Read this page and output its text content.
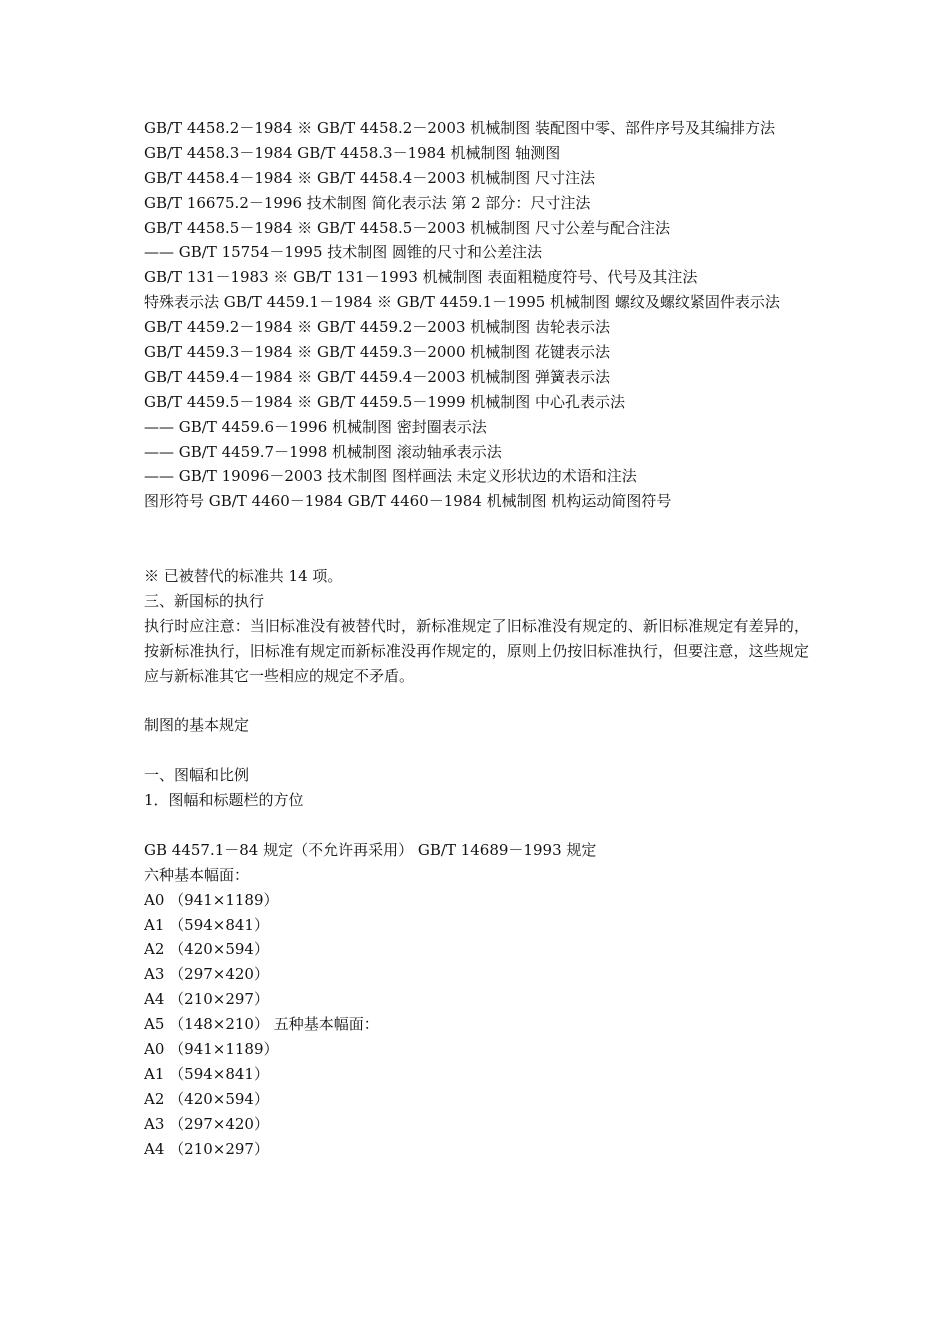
GB/T 4458.2－1984 ※ GB/T 4458.2－2003 机械制图 装配图中零、部件序号及其编排方法
GB/T 4458.3－1984 GB/T 4458.3－1984 机械制图 轴测图
GB/T 4458.4－1984 ※ GB/T 4458.4－2003 机械制图 尺寸注法
GB/T 16675.2－1996 技术制图 简化表示法 第 2 部分：尺寸注法
GB/T 4458.5－1984 ※ GB/T 4458.5－2003 机械制图 尺寸公差与配合注法
—— GB/T 15754－1995 技术制图 圆锥的尺寸和公差注法
GB/T 131－1983 ※ GB/T 131－1993 机械制图 表面粗糙度符号、代号及其注法
特殊表示法 GB/T 4459.1－1984 ※ GB/T 4459.1－1995 机械制图 螺纹及螺纹紧固件表示法
GB/T 4459.2－1984 ※ GB/T 4459.2－2003 机械制图 齿轮表示法
GB/T 4459.3－1984 ※ GB/T 4459.3－2000 机械制图 花键表示法
GB/T 4459.4－1984 ※ GB/T 4459.4－2003 机械制图 弹簧表示法
GB/T 4459.5－1984 ※ GB/T 4459.5－1999 机械制图 中心孔表示法
—— GB/T 4459.6－1996 机械制图 密封圈表示法
—— GB/T 4459.7－1998 机械制图 滚动轴承表示法
—— GB/T 19096－2003 技术制图 图样画法 未定义形状边的术语和注法
图形符号 GB/T 4460－1984 GB/T 4460－1984 机械制图 机构运动简图符号
※ 已被替代的标准共 14 项。
三、新国标的执行
执行时应注意：当旧标准没有被替代时，新标准规定了旧标准没有规定的、新旧标准规定有差异的，按新标准执行，旧标准有规定而新标准没再作规定的，原则上仍按旧标准执行，但要注意，这些规定应与新标准其它一些相应的规定不矛盾。
制图的基本规定
一、图幅和比例
1．图幅和标题栏的方位
GB 4457.1－84 规定（不允许再采用） GB/T 14689－1993 规定
六种基本幅面：
A0 （941×1189）
A1 （594×841）
A2 （420×594）
A3 （297×420）
A4 （210×297）
A5 （148×210） 五种基本幅面：
A0 （941×1189）
A1 （594×841）
A2 （420×594）
A3 （297×420）
A4 （210×297）
